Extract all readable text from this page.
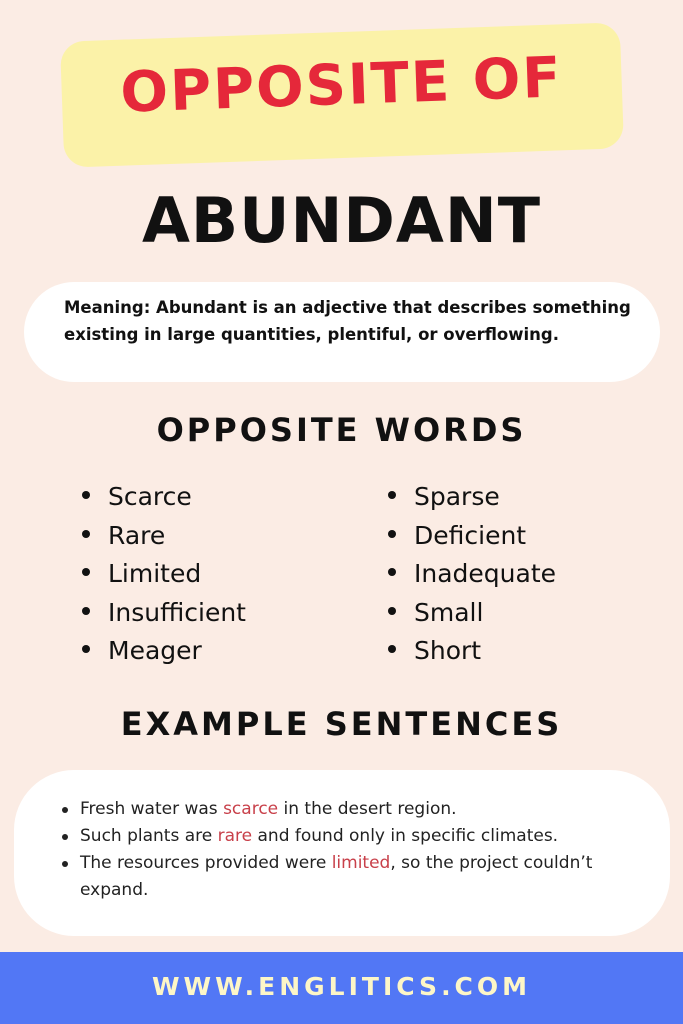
OPPOSITE OF
ABUNDANT
Meaning: Abundant is an adjective that describes something existing in large quantities, plentiful, or overflowing.
OPPOSITE WORDS
Scarce
Rare
Limited
Insufficient
Meager
Sparse
Deficient
Inadequate
Small
Short
EXAMPLE SENTENCES
Fresh water was scarce in the desert region.
Such plants are rare and found only in specific climates.
The resources provided were limited, so the project couldn’t expand.
WWW.ENGLITICS.COM
